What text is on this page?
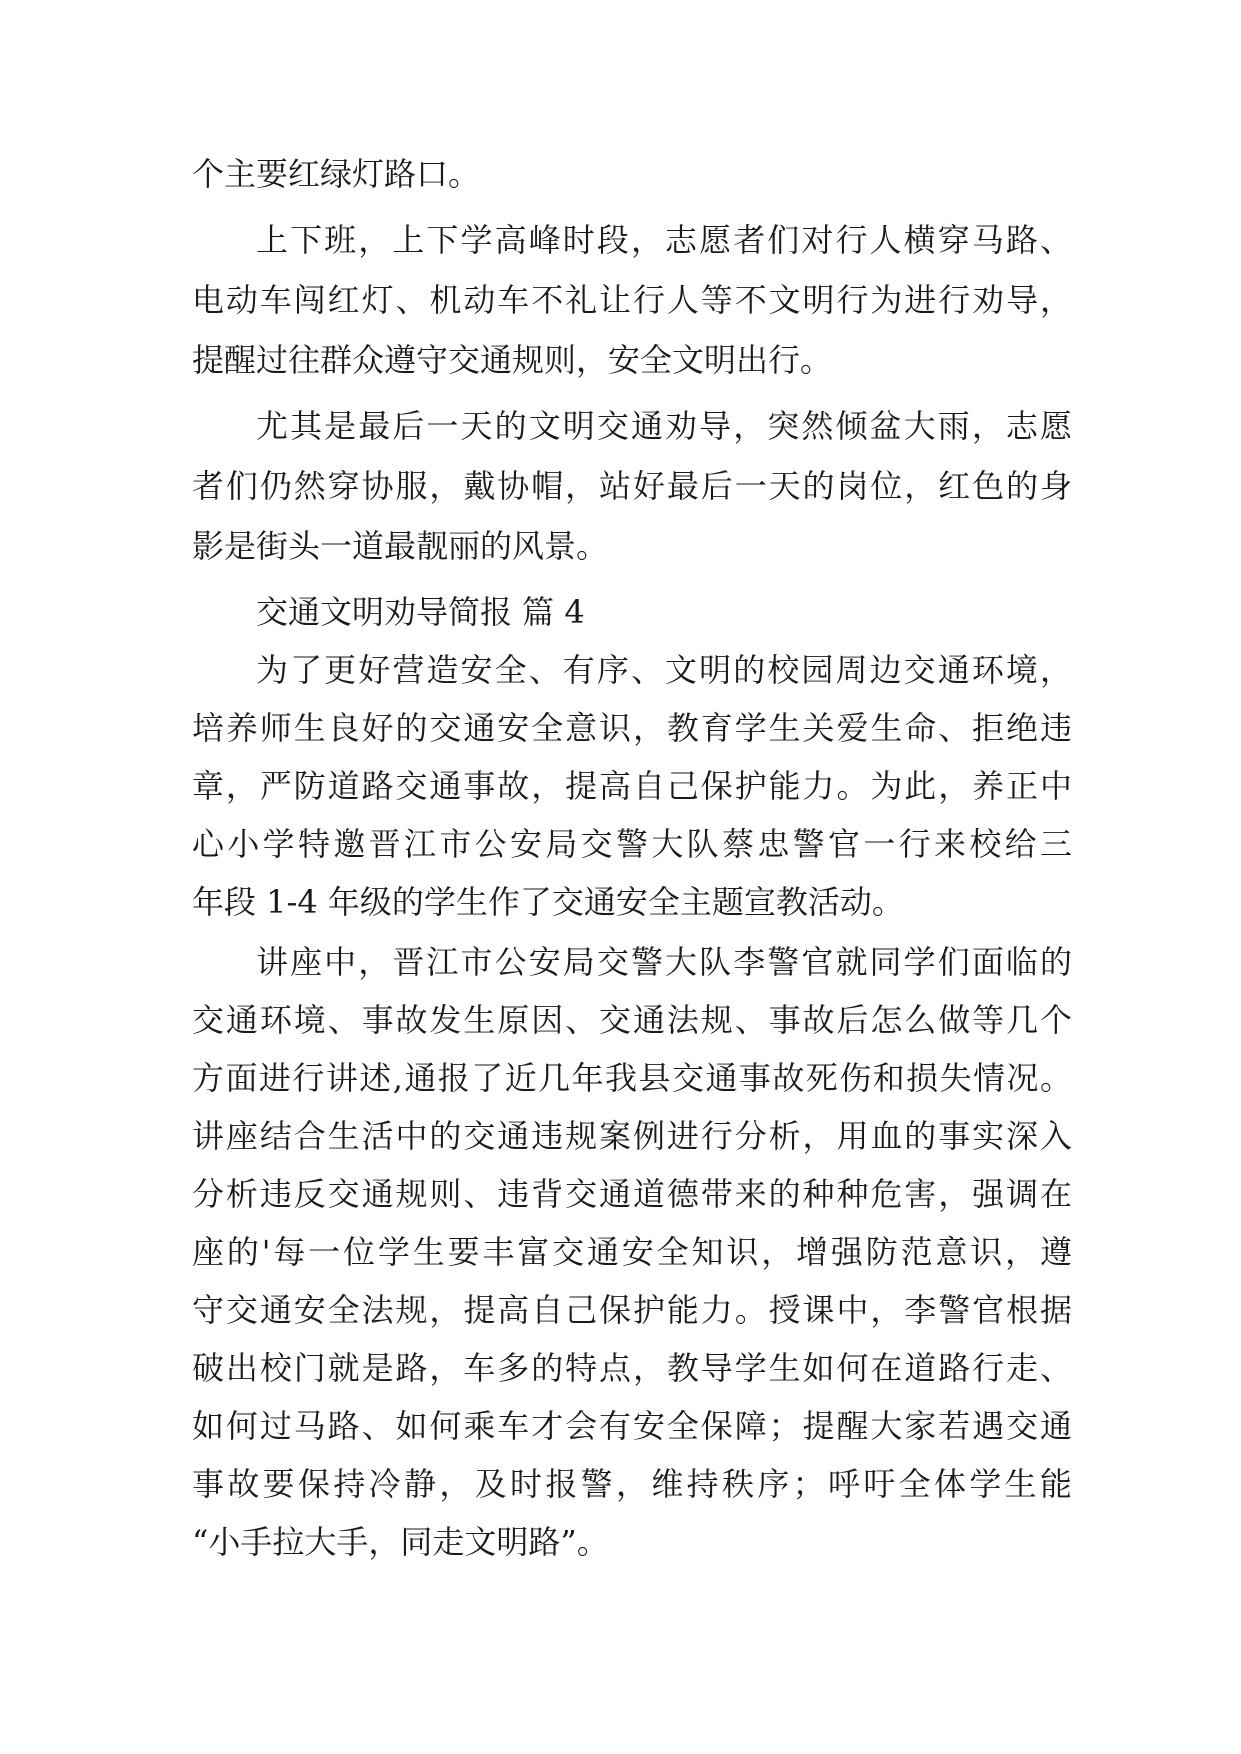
个主要红绿灯路口。
上下班，上下学高峰时段，志愿者们对行人横穿马路、
电动车闯红灯、机动车不礼让行人等不文明行为进行劝导，
提醒过往群众遵守交通规则，安全文明出行。
尤其是最后一天的文明交通劝导，突然倾盆大雨，志愿
者们仍然穿协服，戴协帽，站好最后一天的岗位，红色的身
影是街头一道最靓丽的风景。
交通文明劝导简报 篇 4
为了更好营造安全、有序、文明的校园周边交通环境，
培养师生良好的交通安全意识，教育学生关爱生命、拒绝违
章，严防道路交通事故，提高自己保护能力。为此，养正中
心小学特邀晋江市公安局交警大队蔡忠警官一行来校给三
年段 1-4 年级的学生作了交通安全主题宣教活动。
讲座中，晋江市公安局交警大队李警官就同学们面临的
交通环境、事故发生原因、交通法规、事故后怎么做等几个
方面进行讲述,通报了近几年我县交通事故死伤和损失情况。
讲座结合生活中的交通违规案例进行分析，用血的事实深入
分析违反交通规则、违背交通道德带来的种种危害，强调在
座的'每一位学生要丰富交通安全知识，增强防范意识，遵
守交通安全法规，提高自己保护能力。授课中，李警官根据
破出校门就是路，车多的特点，教导学生如何在道路行走、
如何过马路、如何乘车才会有安全保障；提醒大家若遇交通
事故要保持冷静，及时报警，维持秩序；呼吁全体学生能
“小手拉大手，同走文明路”。
